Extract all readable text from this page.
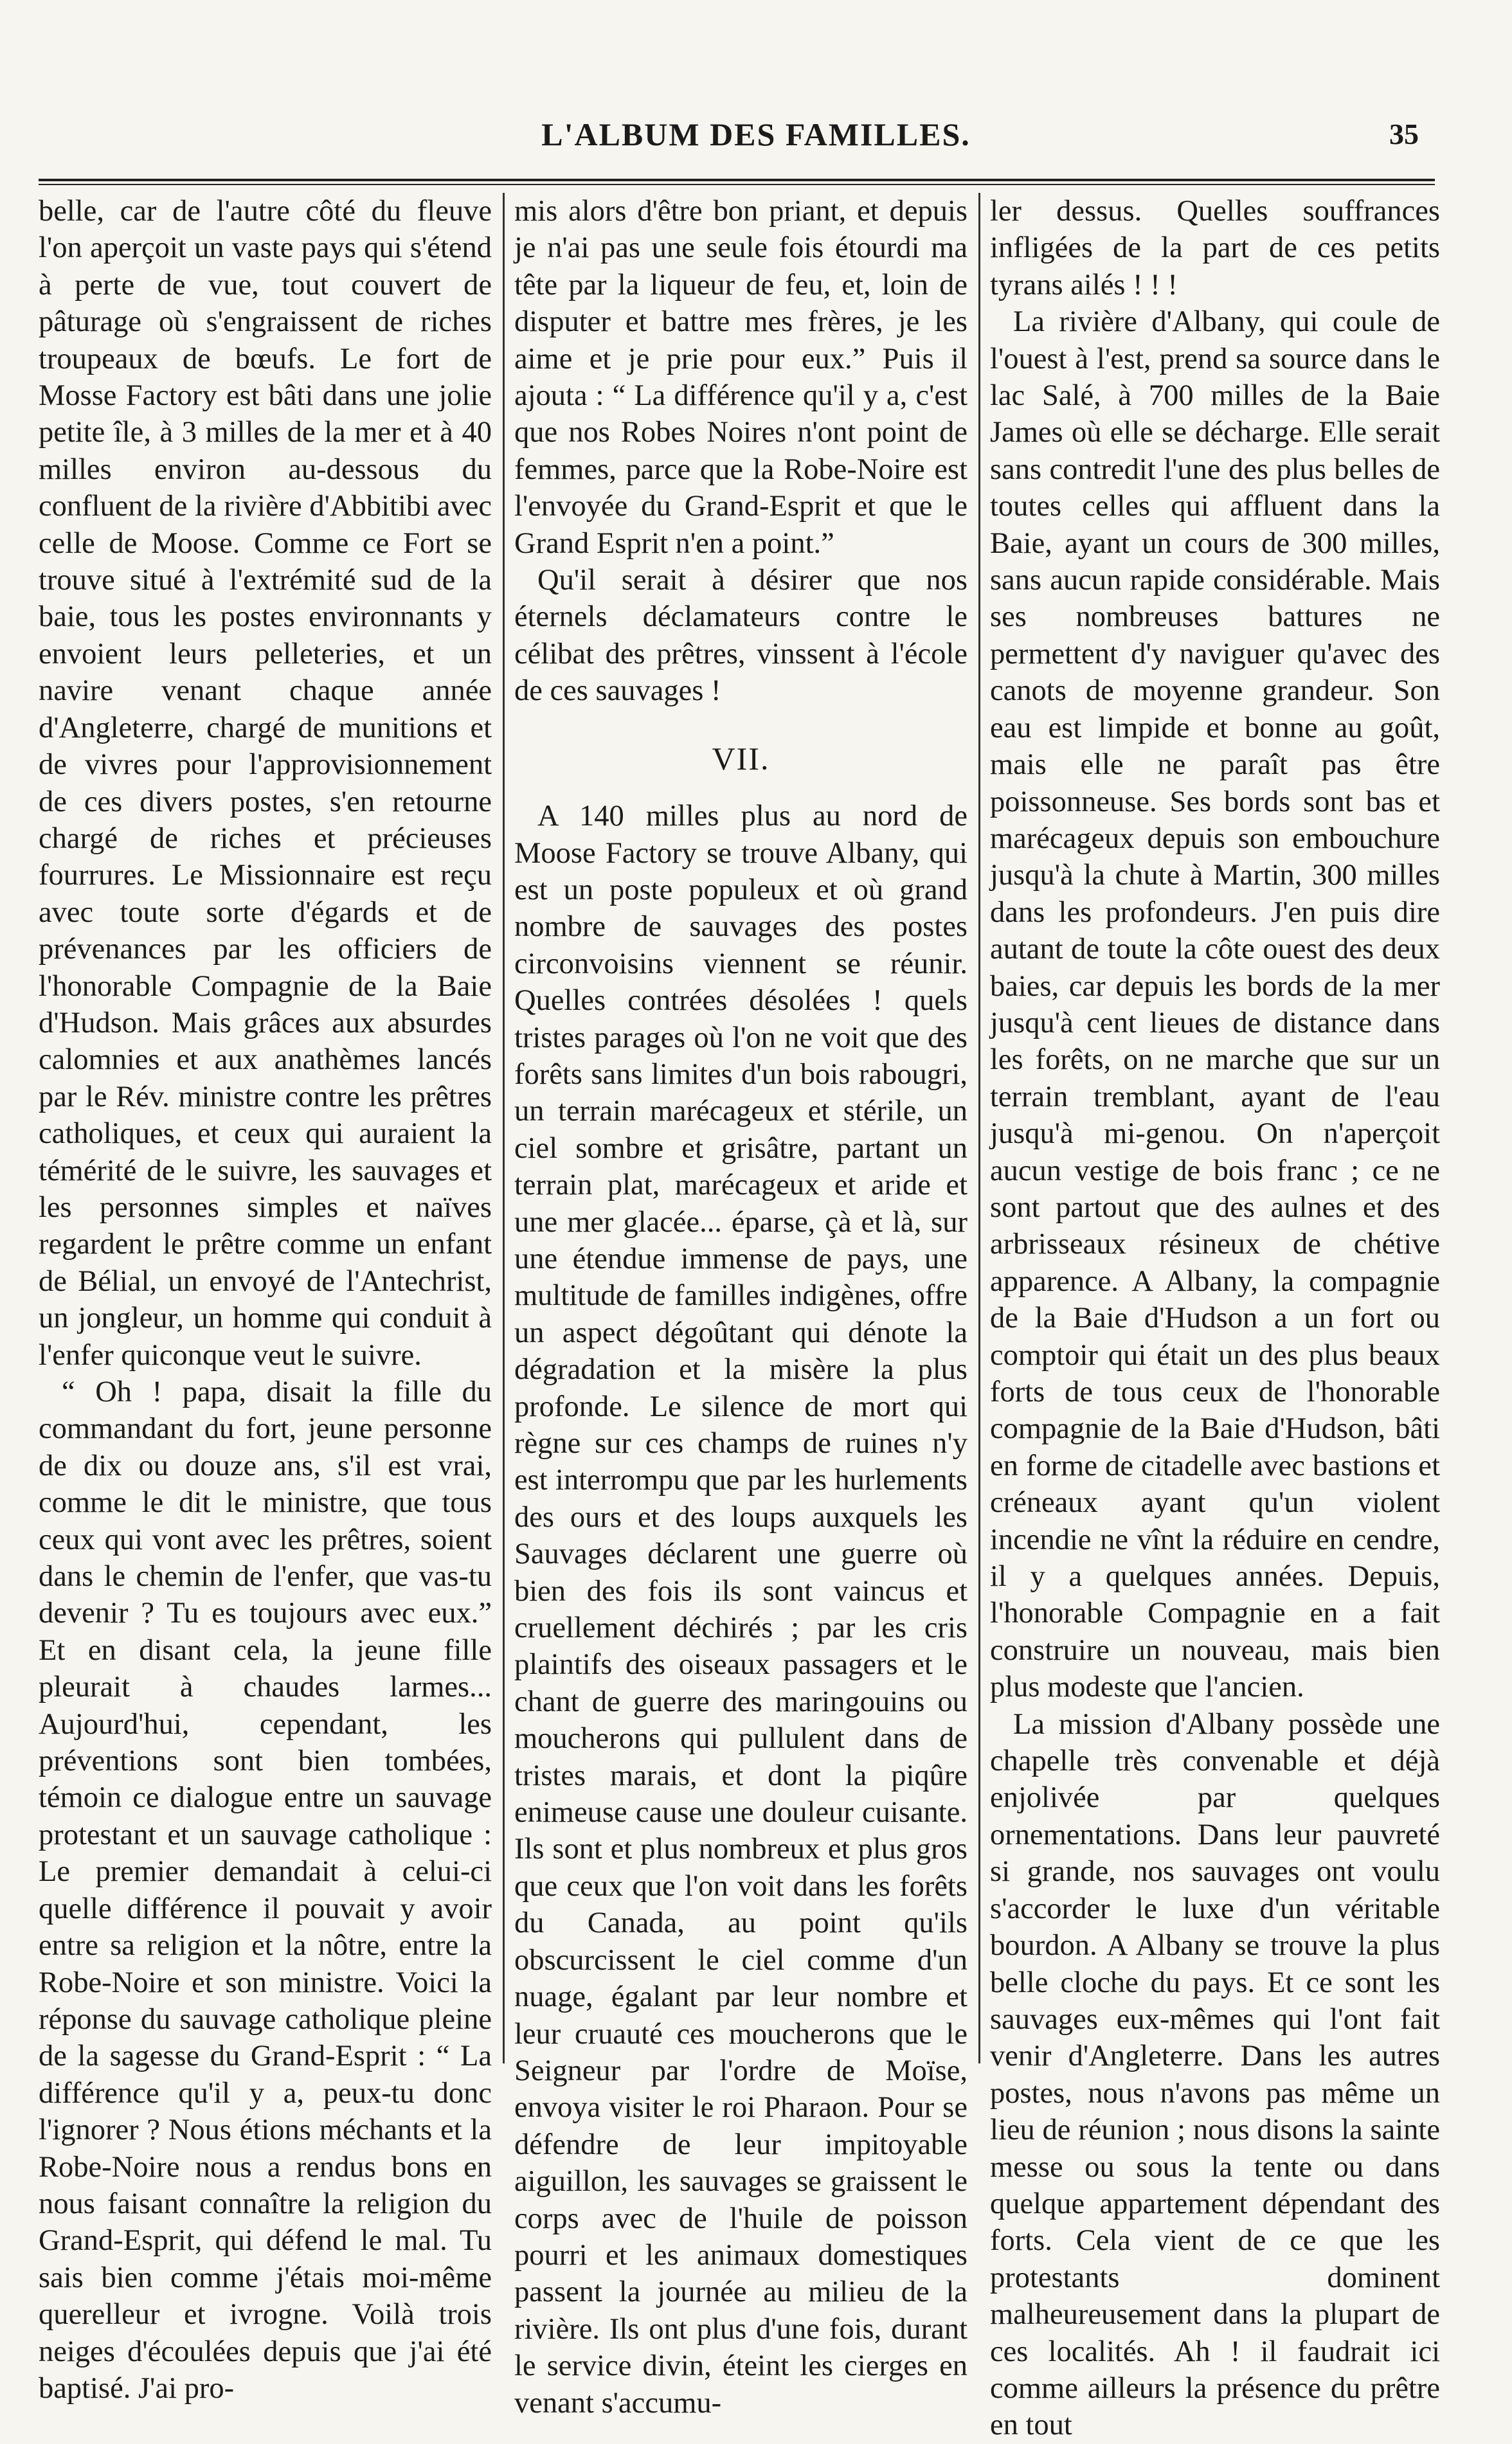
L'ALBUM DES FAMILLES.	35

belle, car de l'autre côté du fleuve l'on aperçoit un vaste pays qui s'étend à perte de vue, tout couvert de pâturage où s'engraissent de riches troupeaux de bœufs. Le fort de Mosse Factory est bâti dans une jolie petite île, à 3 milles de la mer et à 40 milles environ au-dessous du confluent de la rivière d'Abbitibi avec celle de Moose. Comme ce Fort se trouve situé à l'extrémité sud de la baie, tous les postes environnants y envoient leurs pelleteries, et un navire venant chaque année d'Angleterre, chargé de munitions et de vivres pour l'approvisionnement de ces divers postes, s'en retourne chargé de riches et précieuses fourrures. Le Missionnaire est reçu avec toute sorte d'égards et de prévenances par les officiers de l'honorable Compagnie de la Baie d'Hudson. Mais grâces aux absurdes calomnies et aux anathèmes lancés par le Rév. ministre contre les prêtres catholiques, et ceux qui auraient la témérité de le suivre, les sauvages et les personnes simples et naïves regardent le prêtre comme un enfant de Bélial, un envoyé de l'Antechrist, un jongleur, un homme qui conduit à l'enfer quiconque veut le suivre.

“ Oh ! papa, disait la fille du commandant du fort, jeune personne de dix ou douze ans, s'il est vrai, comme le dit le ministre, que tous ceux qui vont avec les prêtres, soient dans le chemin de l'enfer, que vas-tu devenir ? Tu es toujours avec eux.” Et en disant cela, la jeune fille pleurait à chaudes larmes... Aujourd'hui, cependant, les préventions sont bien tombées, témoin ce dialogue entre un sauvage protestant et un sauvage catholique : Le premier demandait à celui-ci quelle différence il pouvait y avoir entre sa religion et la nôtre, entre la Robe-Noire et son ministre. Voici la réponse du sauvage catholique pleine de la sagesse du Grand-Esprit : “ La différence qu'il y a, peux-tu donc l'ignorer ? Nous étions méchants et la Robe-Noire nous a rendus bons en nous faisant connaître la religion du Grand-Esprit, qui défend le mal. Tu sais bien comme j'étais moi-même querelleur et ivrogne. Voilà trois neiges d'écoulées depuis que j'ai été baptisé. J'ai pro-

mis alors d'être bon priant, et depuis je n'ai pas une seule fois étourdi ma tête par la liqueur de feu, et, loin de disputer et battre mes frères, je les aime et je prie pour eux.” Puis il ajouta : “ La différence qu'il y a, c'est que nos Robes Noires n'ont point de femmes, parce que la Robe-Noire est l'envoyée du Grand-Esprit et que le Grand Esprit n'en a point.”

Qu'il serait à désirer que nos éternels déclamateurs contre le célibat des prêtres, vinssent à l'école de ces sauvages !

VII.

A 140 milles plus au nord de Moose Factory se trouve Albany, qui est un poste populeux et où grand nombre de sauvages des postes circonvoisins viennent se réunir. Quelles contrées désolées ! quels tristes parages où l'on ne voit que des forêts sans limites d'un bois rabougri, un terrain marécageux et stérile, un ciel sombre et grisâtre, partant un terrain plat, marécageux et aride et une mer glacée... éparse, çà et là, sur une étendue immense de pays, une multitude de familles indigènes, offre un aspect dégoûtant qui dénote la dégradation et la misère la plus profonde. Le silence de mort qui règne sur ces champs de ruines n'y est interrompu que par les hurlements des ours et des loups auxquels les Sauvages déclarent une guerre où bien des fois ils sont vaincus et cruellement déchirés ; par les cris plaintifs des oiseaux passagers et le chant de guerre des maringouins ou moucherons qui pullulent dans de tristes marais, et dont la piqûre enimeuse cause une douleur cuisante. Ils sont et plus nombreux et plus gros que ceux que l'on voit dans les forêts du Canada, au point qu'ils obscurcissent le ciel comme d'un nuage, égalant par leur nombre et leur cruauté ces moucherons que le Seigneur par l'ordre de Moïse, envoya visiter le roi Pharaon. Pour se défendre de leur impitoyable aiguillon, les sauvages se graissent le corps avec de l'huile de poisson pourri et les animaux domestiques passent la journée au milieu de la rivière. Ils ont plus d'une fois, durant le service divin, éteint les cierges en venant s'accumu-

ler dessus. Quelles souffrances infligées de la part de ces petits tyrans ailés ! ! !

La rivière d'Albany, qui coule de l'ouest à l'est, prend sa source dans le lac Salé, à 700 milles de la Baie James où elle se décharge. Elle serait sans contredit l'une des plus belles de toutes celles qui affluent dans la Baie, ayant un cours de 300 milles, sans aucun rapide considérable. Mais ses nombreuses battures ne permettent d'y naviguer qu'avec des canots de moyenne grandeur. Son eau est limpide et bonne au goût, mais elle ne paraît pas être poissonneuse. Ses bords sont bas et marécageux depuis son embouchure jusqu'à la chute à Martin, 300 milles dans les profondeurs. J'en puis dire autant de toute la côte ouest des deux baies, car depuis les bords de la mer jusqu'à cent lieues de distance dans les forêts, on ne marche que sur un terrain tremblant, ayant de l'eau jusqu'à mi-genou. On n'aperçoit aucun vestige de bois franc ; ce ne sont partout que des aulnes et des arbrisseaux résineux de chétive apparence. A Albany, la compagnie de la Baie d'Hudson a un fort ou comptoir qui était un des plus beaux forts de tous ceux de l'honorable compagnie de la Baie d'Hudson, bâti en forme de citadelle avec bastions et créneaux ayant qu'un violent incendie ne vînt la réduire en cendre, il y a quelques années. Depuis, l'honorable Compagnie en a fait construire un nouveau, mais bien plus modeste que l'ancien.

La mission d'Albany possède une chapelle très convenable et déjà enjolivée par quelques ornementations. Dans leur pauvreté si grande, nos sauvages ont voulu s'accorder le luxe d'un véritable bourdon. A Albany se trouve la plus belle cloche du pays. Et ce sont les sauvages eux-mêmes qui l'ont fait venir d'Angleterre. Dans les autres postes, nous n'avons pas même un lieu de réunion ; nous disons la sainte messe ou sous la tente ou dans quelque appartement dépendant des forts. Cela vient de ce que les protestants dominent malheureusement dans la plupart de ces localités. Ah ! il faudrait ici comme ailleurs la présence du prêtre en tout
